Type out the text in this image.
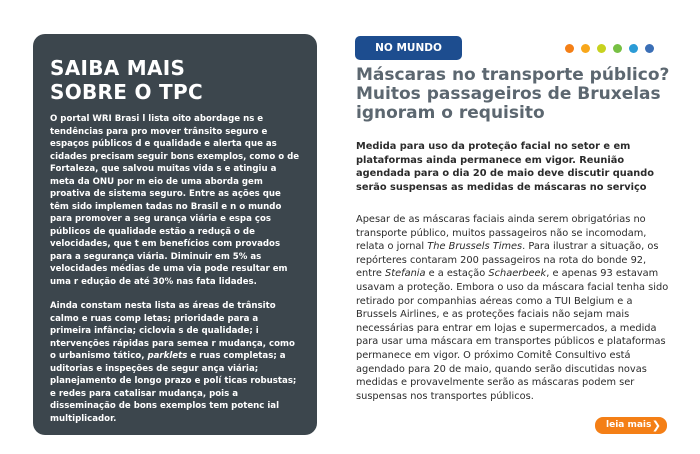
SAIBA MAIS
SOBRE O TPC

O portal WRI Brasi l lista oito abordage ns e tendências para pro mover trânsito seguro e espaços públicos d e qualidade e alerta que as cidades precisam seguir bons exemplos, como o de Fortaleza, que salvou muitas vida s e atingiu a meta da ONU por m eio de uma aborda gem proativa de sistema seguro. Entre as ações que têm sido implemen tadas no Brasil e n o mundo para promover a seg urança viária e espa ços públicos de qualidade estão a reduçã o de velocidades, que t em benefícios com provados para a segurança viária. Diminuir em 5% as velocidades médias de uma via pode resultar em uma r edução de até 30% nas fata lidades.

Ainda constam nesta lista as áreas de trânsito calmo e ruas comp letas; prioridade para a primeira infância; ciclovia s de qualidade; i ntervenções rápidas para semea r mudança, como o urbanismo tático, parklets e ruas completas; a uditorias e inspeções de segur ança viária; planejamento de longo prazo e polí ticas robustas; e redes para catalisar mudança, pois a disseminação de bons exemplos tem potenc ial multiplicador.

NO MUNDO
Máscaras no transporte público? Muitos passageiros de Bruxelas ignoram o requisito

Medida para uso da proteção facial no setor e em plataformas ainda permanece em vigor. Reunião agendada para o dia 20 de maio deve discutir quando serão suspensas as medidas de máscaras no serviço

Apesar de as máscaras faciais ainda serem obrigatórias no transporte público, muitos passageiros não se incomodam, relata o jornal The Brussels Times. Para ilustrar a situação, os repórteres contaram 200 passageiros na rota do bonde 92, entre Stefania e a estação Schaerbeek, e apenas 93 estavam usavam a proteção. Embora o uso da máscara facial tenha sido retirado por companhias aéreas como a TUI Belgium e a Brussels Airlines, e as proteções faciais não sejam mais necessárias para entrar em lojas e supermercados, a medida para usar uma máscara em transportes públicos e plataformas permanece em vigor. O próximo Comitê Consultivo está agendado para 20 de maio, quando serão discutidas novas medidas e provavelmente serão as máscaras podem ser suspensas nos transportes públicos.

leia mais ❯
